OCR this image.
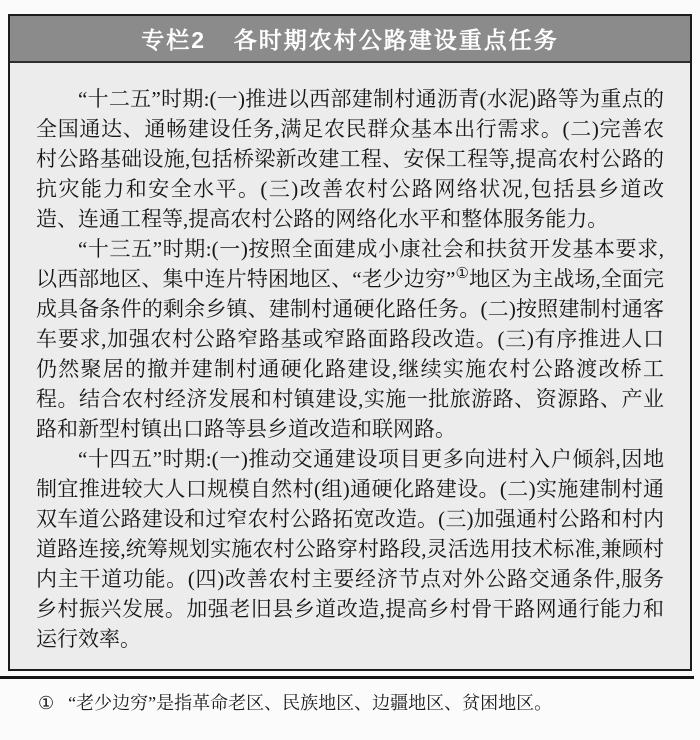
专栏2 各时期农村公路建设重点任务

“十二五”时期:(一)推进以西部建制村通沥青(水泥)路等为重点的全国通达、通畅建设任务,满足农民群众基本出行需求。(二)完善农村公路基础设施,包括桥梁新改建工程、安保工程等,提高农村公路的抗灾能力和安全水平。(三)改善农村公路网络状况,包括县乡道改造、连通工程等,提高农村公路的网络化水平和整体服务能力。

“十三五”时期:(一)按照全面建成小康社会和扶贫开发基本要求,以西部地区、集中连片特困地区、“老少边穷”①地区为主战场,全面完成具备条件的剩余乡镇、建制村通硬化路任务。(二)按照建制村通客车要求,加强农村公路窄路基或窄路面路段改造。(三)有序推进人口仍然聚居的撤并建制村通硬化路建设,继续实施农村公路渡改桥工程。结合农村经济发展和村镇建设,实施一批旅游路、资源路、产业路和新型村镇出口路等县乡道改造和联网路。

“十四五”时期:(一)推动交通建设项目更多向进村入户倾斜,因地制宜推进较大人口规模自然村(组)通硬化路建设。(二)实施建制村通双车道公路建设和过窄农村公路拓宽改造。(三)加强通村公路和村内道路连接,统筹规划实施农村公路穿村路段,灵活选用技术标准,兼顾村内主干道功能。(四)改善农村主要经济节点对外公路交通条件,服务乡村振兴发展。加强老旧县乡道改造,提高乡村骨干路网通行能力和运行效率。

① “老少边穷”是指革命老区、民族地区、边疆地区、贫困地区。
